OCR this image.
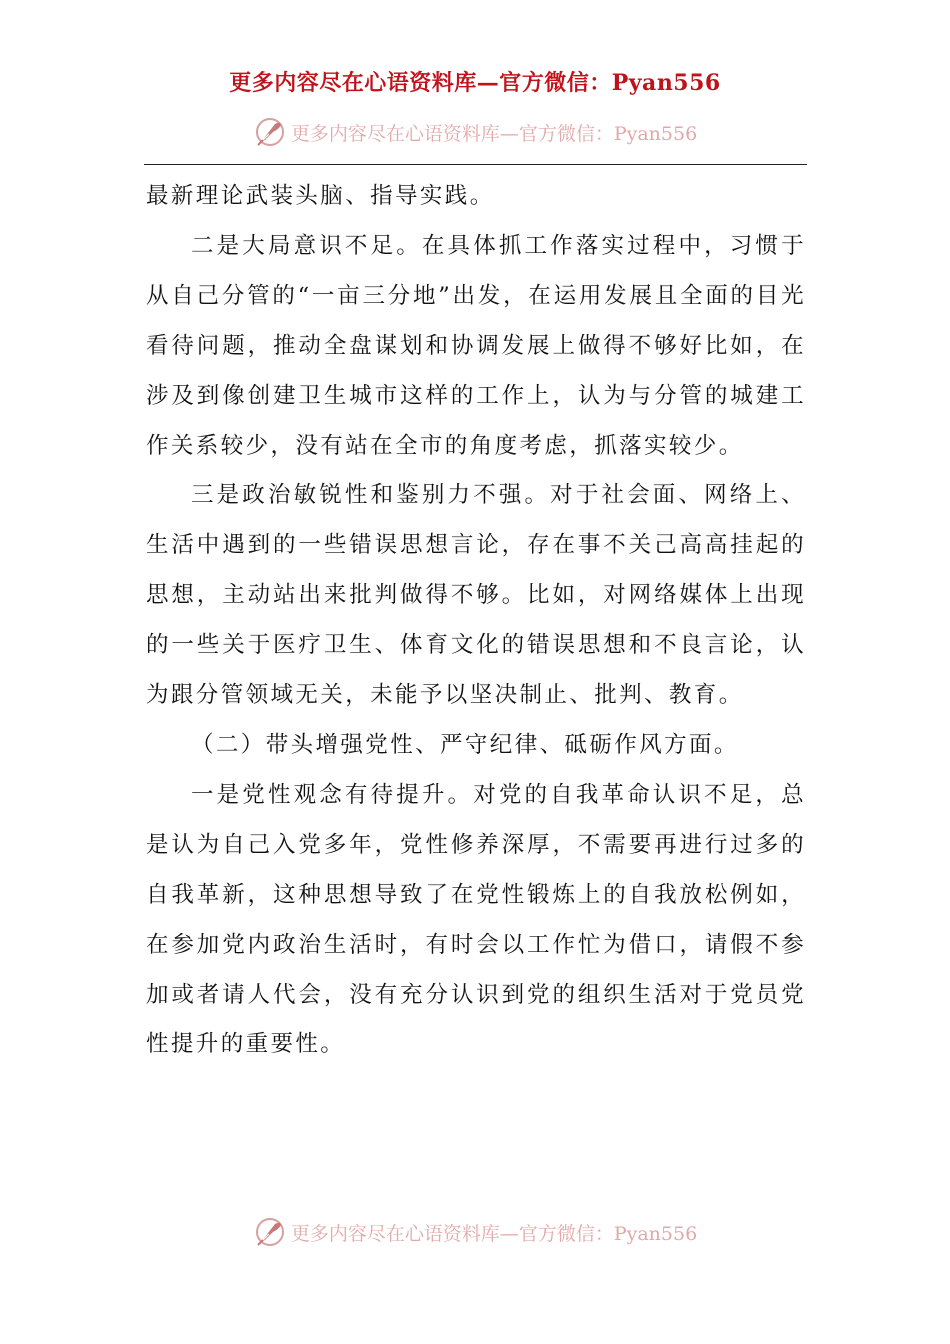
更多内容尽在心语资料库—官方微信：Pyan556
更多内容尽在心语资料库—官方微信：Pyan556

最新理论武装头脑、指导实践。

二是大局意识不足。在具体抓工作落实过程中，习惯于从自己分管的“一亩三分地”出发，在运用发展且全面的目光看待问题，推动全盘谋划和协调发展上做得不够好比如，在涉及到像创建卫生城市这样的工作上，认为与分管的城建工作关系较少，没有站在全市的角度考虑，抓落实较少。

三是政治敏锐性和鉴别力不强。对于社会面、网络上、生活中遇到的一些错误思想言论，存在事不关己高高挂起的思想，主动站出来批判做得不够。比如，对网络媒体上出现的一些关于医疗卫生、体育文化的错误思想和不良言论，认为跟分管领域无关，未能予以坚决制止、批判、教育。

（二）带头增强党性、严守纪律、砥砺作风方面。

一是党性观念有待提升。对党的自我革命认识不足，总是认为自己入党多年，党性修养深厚，不需要再进行过多的自我革新，这种思想导致了在党性锻炼上的自我放松例如，在参加党内政治生活时，有时会以工作忙为借口，请假不参加或者请人代会，没有充分认识到党的组织生活对于党员党性提升的重要性。

更多内容尽在心语资料库—官方微信：Pyan556
